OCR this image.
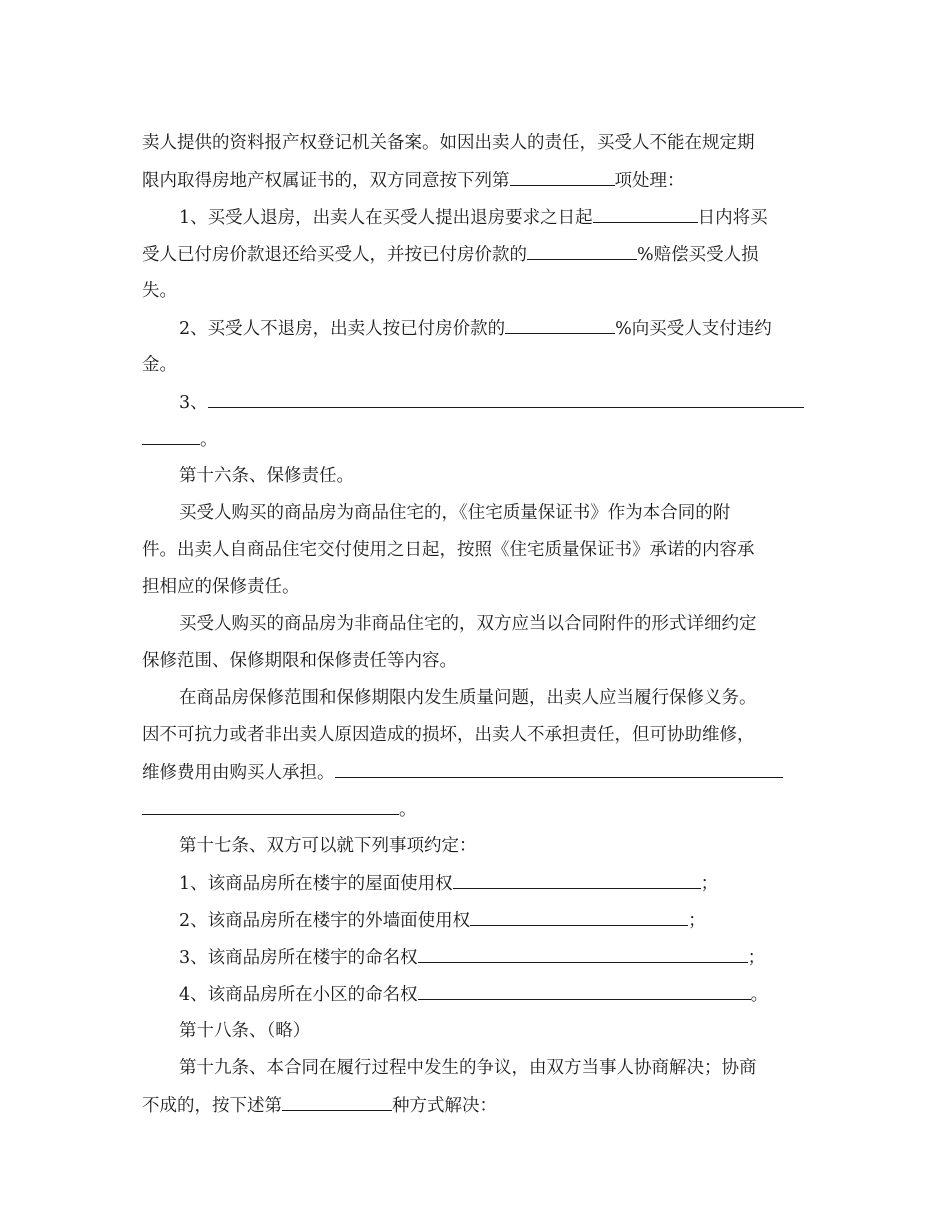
卖人提供的资料报产权登记机关备案。如因出卖人的责任，买受人不能在规定期
限内取得房地产权属证书的，双方同意按下列第	项处理：
1、买受人退房，出卖人在买受人提出退房要求之日起	日内将买
受人已付房价款退还给买受人，并按已付房价款的	%赔偿买受人损
失。
2、买受人不退房，出卖人按已付房价款的	%向买受人支付违约
金。
3、
。
第十六条、保修责任。
买受人购买的商品房为商品住宅的，《住宅质量保证书》作为本合同的附
件。出卖人自商品住宅交付使用之日起，按照《住宅质量保证书》承诺的内容承
担相应的保修责任。
买受人购买的商品房为非商品住宅的，双方应当以合同附件的形式详细约定
保修范围、保修期限和保修责任等内容。
在商品房保修范围和保修期限内发生质量问题，出卖人应当履行保修义务。
因不可抗力或者非出卖人原因造成的损坏，出卖人不承担责任，但可协助维修，
维修费用由购买人承担。
。
第十七条、双方可以就下列事项约定：
1、该商品房所在楼宇的屋面使用权	；
2、该商品房所在楼宇的外墙面使用权	；
3、该商品房所在楼宇的命名权	；
4、该商品房所在小区的命名权	。
第十八条、（略）
第十九条、本合同在履行过程中发生的争议，由双方当事人协商解决；协商
不成的，按下述第	种方式解决：
